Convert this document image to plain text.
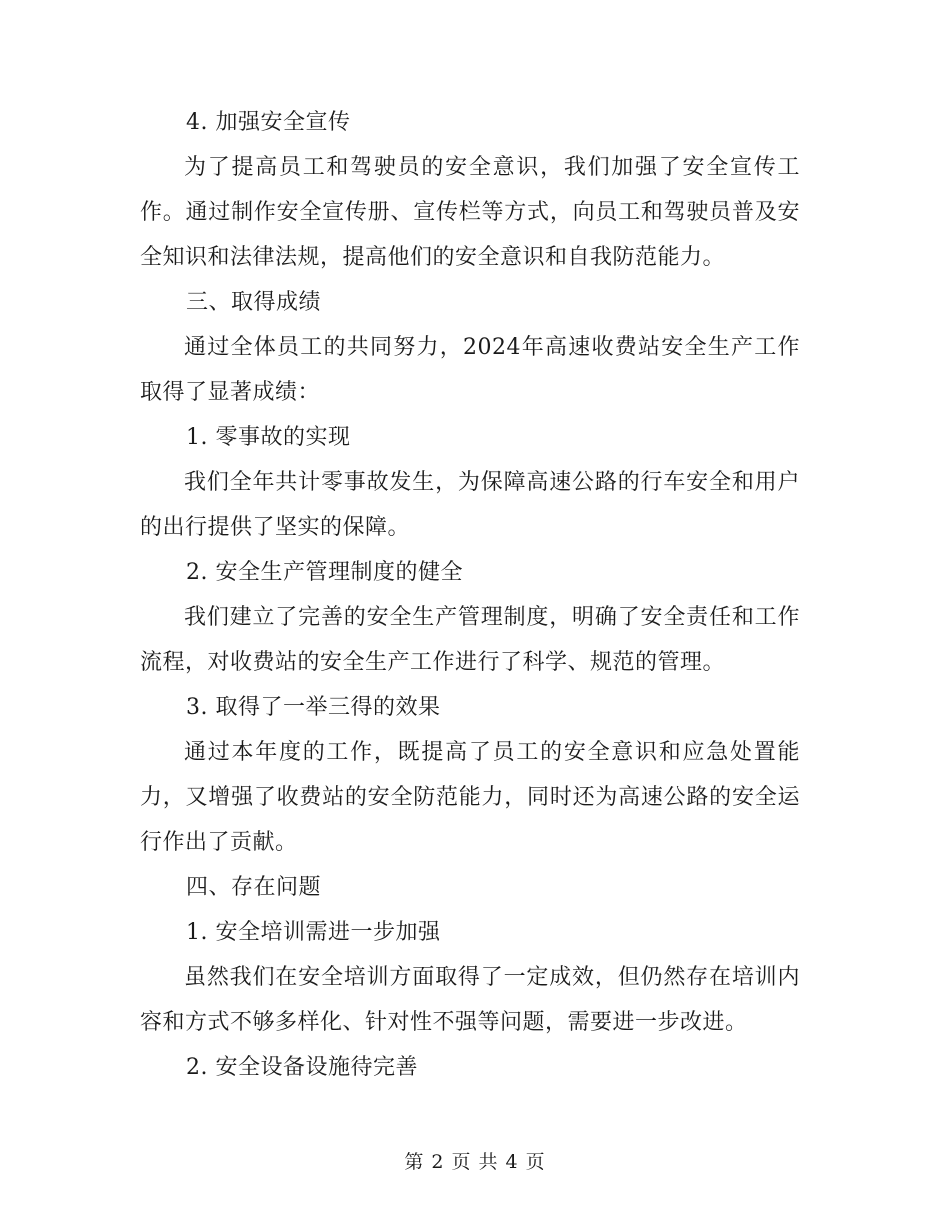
4. 加强安全宣传

为了提高员工和驾驶员的安全意识，我们加强了安全宣传工作。通过制作安全宣传册、宣传栏等方式，向员工和驾驶员普及安全知识和法律法规，提高他们的安全意识和自我防范能力。

三、取得成绩

通过全体员工的共同努力，2024年高速收费站安全生产工作取得了显著成绩：

1. 零事故的实现

我们全年共计零事故发生，为保障高速公路的行车安全和用户的出行提供了坚实的保障。

2. 安全生产管理制度的健全

我们建立了完善的安全生产管理制度，明确了安全责任和工作流程，对收费站的安全生产工作进行了科学、规范的管理。

3. 取得了一举三得的效果

通过本年度的工作，既提高了员工的安全意识和应急处置能力，又增强了收费站的安全防范能力，同时还为高速公路的安全运行作出了贡献。

四、存在问题

1. 安全培训需进一步加强

虽然我们在安全培训方面取得了一定成效，但仍然存在培训内容和方式不够多样化、针对性不强等问题，需要进一步改进。

2. 安全设备设施待完善

第 2 页 共 4 页
